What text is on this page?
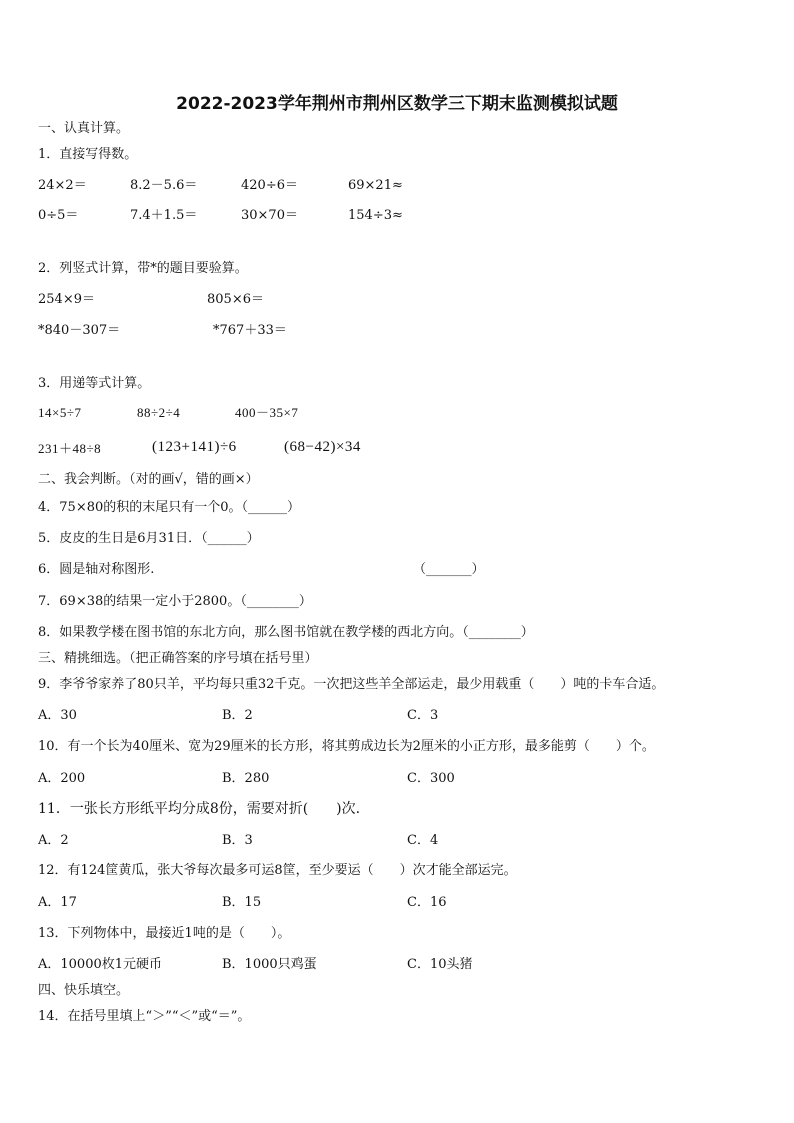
2022-2023学年荆州市荆州区数学三下期末监测模拟试题
一、认真计算。
1．直接写得数。
24×2＝	8.2－5.6＝	420÷6＝	69×21≈
0÷5＝	7.4＋1.5＝	30×70＝	154÷3≈
2．列竖式计算，带*的题目要验算。
254×9＝	805×6＝
*840－307＝	*767＋33＝
3．用递等式计算。
14×5÷7	88÷2÷4	400－35×7
231＋48÷8	(123+141)÷6	(68−42)×34
二、我会判断。（对的画√，错的画×）
4．75×80的积的末尾只有一个0。（______）
5．皮皮的生日是6月31日．（______）
6．圆是轴对称图形.	（_______）
7．69×38的结果一定小于2800。（________）
8．如果教学楼在图书馆的东北方向，那么图书馆就在教学楼的西北方向。（________）
三、精挑细选。（把正确答案的序号填在括号里）
9．李爷爷家养了80只羊，平均每只重32千克。一次把这些羊全部运走，最少用载重（　　）吨的卡车合适。
A．30	B．2	C．3
10．有一个长为40厘米、宽为29厘米的长方形，将其剪成边长为2厘米的小正方形，最多能剪（　　）个。
A．200	B．280	C．300
11．一张长方形纸平均分成8份，需要对折(　　)次.
A．2	B．3	C．4
12．有124筐黄瓜，张大爷每次最多可运8筐，至少要运（　　）次才能全部运完。
A．17	B．15	C．16
13．下列物体中，最接近1吨的是（　　）。
A．10000枚1元硬币	B．1000只鸡蛋	C．10头猪
四、快乐填空。
14．在括号里填上“＞”“＜”或“＝”。
